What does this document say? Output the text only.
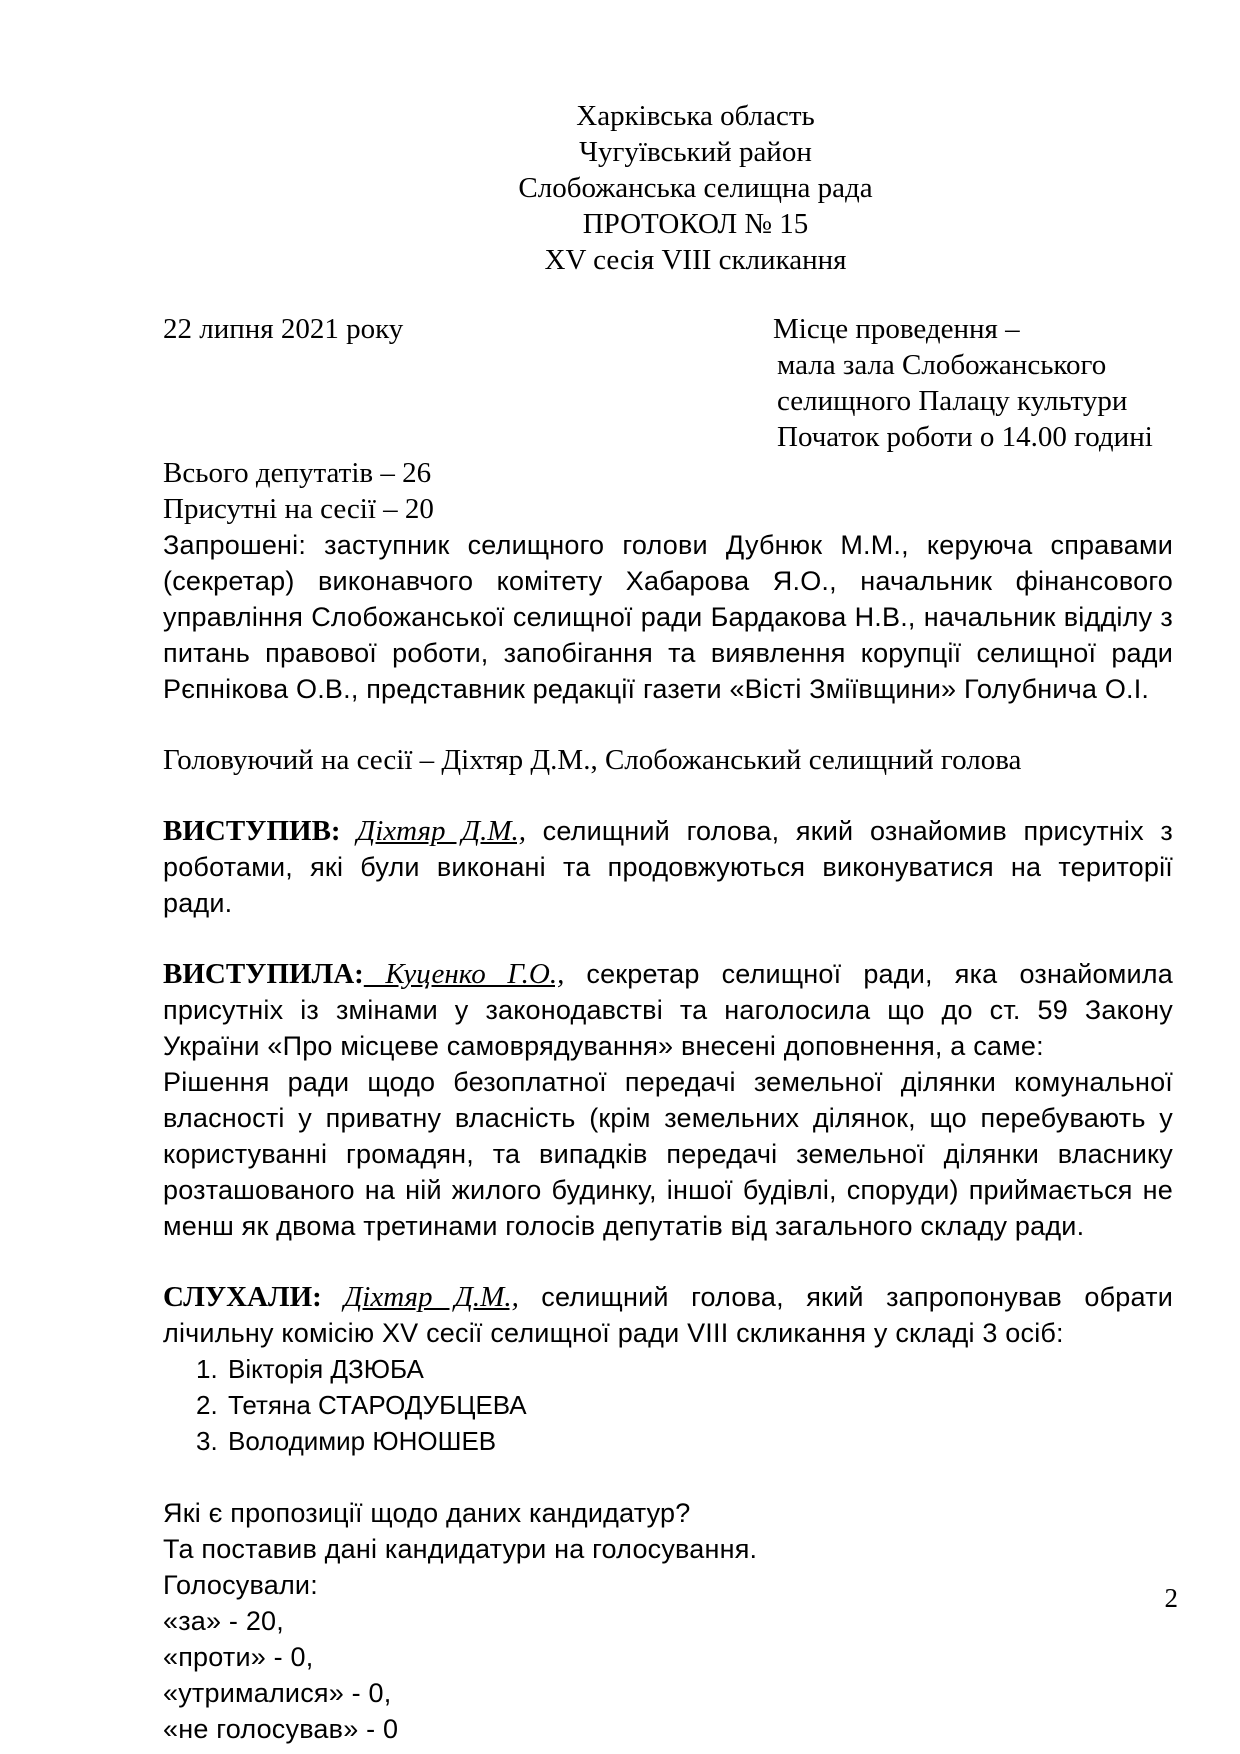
Харківська область
Чугуївський район
Слобожанська селищна рада
ПРОТОКОЛ № 15
XV сесія VIII скликання
22 липня 2021 року	Місце проведення –
мала зала Слобожанського
селищного Палацу культури
Початок роботи о 14.00 годині
Всього депутатів – 26
Присутні на сесії – 20
Запрошені: заступник селищного голови Дубнюк М.М., керуюча справами (секретар) виконавчого комітету Хабарова Я.О., начальник фінансового управління Слобожанської селищної ради Бардакова Н.В., начальник відділу з питань правової роботи, запобігання та виявлення корупції селищної ради Рєпнікова О.В., представник редакції газети «Вісті Зміївщини» Голубнича О.І.
Головуючий на сесії – Діхтяр Д.М., Слобожанський селищний голова
ВИСТУПИВ: Діхтяр Д.М., селищний голова, який ознайомив присутніх з роботами, які були виконані та продовжуються виконуватися на території ради.
ВИСТУПИЛА: Куценко Г.О., секретар селищної ради, яка ознайомила присутніх із змінами у законодавстві та наголосила що до ст. 59 Закону України «Про місцеве самоврядування» внесені доповнення, а саме:
Рішення ради щодо безоплатної передачі земельної ділянки комунальної власності у приватну власність (крім земельних ділянок, що перебувають у користуванні громадян, та випадків передачі земельної ділянки власнику розташованого на ній жилого будинку, іншої будівлі, споруди) приймається не менш як двома третинами голосів депутатів від загального складу ради.
СЛУХАЛИ: Діхтяр Д.М., селищний голова, який запропонував обрати лічильну комісію XV сесії селищної ради VIII скликання у складі 3 осіб:
1. Вікторія ДЗЮБА
2. Тетяна СТАРОДУБЦЕВА
3. Володимир ЮНОШЕВ
Які є пропозиції щодо даних кандидатур?
Та поставив дані кандидатури на голосування.
Голосували:
«за» - 20,
«проти» - 0,
«утрималися» - 0,
«не голосував» - 0
2
